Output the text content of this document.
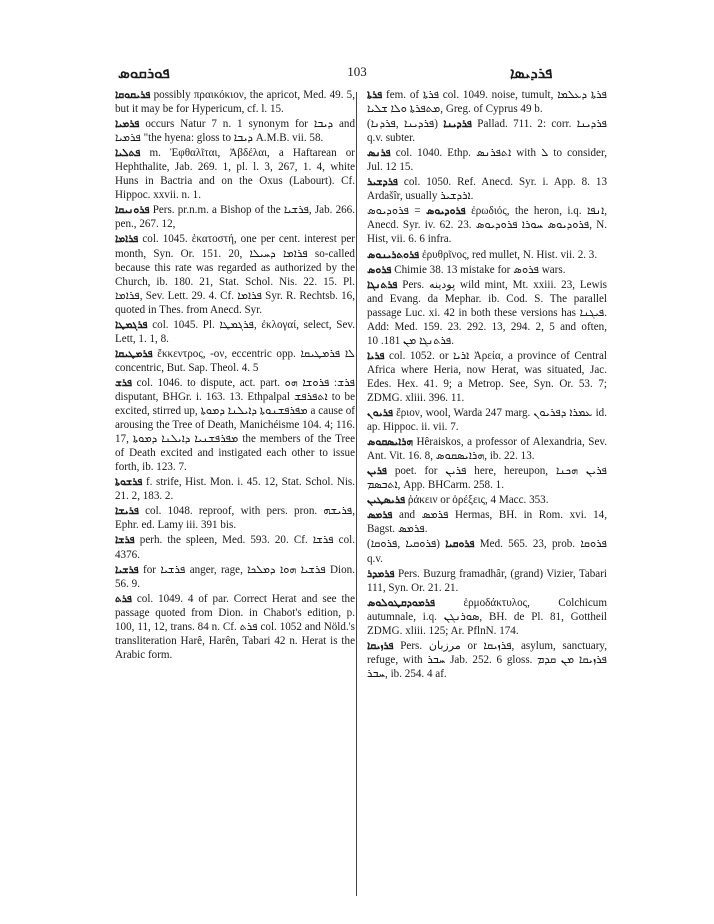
ܦܘܪܩܘܣ	103	ܦܪܕܝܣܐ

ܦܪܝܩܘܩܐ possibly πραικόκιον, the apricot, Med. 49. 5, but it may be for Hypericum, cf. l. 15.

ܦܪܡܝܐ occurs Natur 7 n. 1 synonym for ܕܝܒܐ and ܦܪܡܝܐ "the hyena: gloss to ܕܝܒܐ A.M.B. vii. 58.

ܦܬܠܝܐ m. Ἐφθαλῖται, Ἀβδέλαι, a Haftarean or Hephthalite, Jab. 269. 1, pl. l. 3, 267, 1. 4, white Huns in Bactria and on the Oxus (Labourt). Cf. Hippoc. xxvii. n. 1.

ܦܪܘܢܝܩܐ Pers. pr.n.m. a Bishop of the ܦܪܫܝܐ, Jab. 266. pen., 267. 12,

ܦܪܐܡܐ col. 1045. ἑκατοστή, one per cent. interest per month, Syn. Or. 151. 20, ܦܪܐܡܐ ܕܚܝܠܐ so-called because this rate was regarded as authorized by the Church, ib. 180. 21, Stat. Schol. Nis. 22. 15. Pl. ܦܪܐܡܐ, Sev. Lett. 29. 4. Cf. ܦܪܐܡܐ Syr. R. Rechtsb. 16, quoted in Thes. from Anecd. Syr.

ܦܪܓܡܛܐ col. 1045. Pl. ܦܪܓܡܛܐ, ἐκλογαί, select, Sev. Lett, 1. 1, 8.

ܦܪܡܛܝܩܐ ἔκκεντρος, -ον, eccentric opp. ܠܐ ܦܪܡܛܝܩܐ concentric, But. Sap. Theol. 4. 5

ܦܪܫ col. 1046. to dispute, act. part. ܦܪܫ: ܦܪܘܫܐ ܗܘ disputant, BHGr. i. 163. 13. Ethpalpal ܐܬܦܪܦܫ to be excited, stirred up, ܡܦܪܦܫܢܘܬܐ ܕܐܝܠܢܐ ܕܡܘܬܐ a cause of arousing the Tree of Death, Manichéisme 104. 4; 116. 17, ܡܦܪܦܫܢܝܐ ܕܐܝܠܢܐ ܕܡܘܬܐ the members of the Tree of Death excited and instigated each other to issue forth, ib. 123. 7.

ܦܪܫܘܬܐ f. strife, Hist. Mon. i. 45. 12, Stat. Schol. Nis. 21. 2, 183. 2.

ܦܪܝܫܐ col. 1048. reproof, with pers. pron. ܦܪܝܫܗ, Ephr. ed. Lamy iii. 391 bis.

ܦܪܫܐ perh. the spleen, Med. 593. 20. Cf. ܦܪܫܐ col. 4376.

ܦܪܫܝܐ for ܦܪܫܝܐ anger, rage, ܦܪܫܝܐ ܗܘܐ ܕܡܠܟܐ Dion. 56. 9.

ܦܪܬ col. 1049. 4 of par. Correct Herat and see the passage quoted from Dion. in Chabot's edition, p. 100, 11, 12, trans. 84 n. Cf. ܦܪܬ col. 1052 and Nöld.'s transliteration Harê, Harên, Tabari 42 n. Herat is the Arabic form.

ܦܪܬܐ fem. of ܦܪܬܐ col. 1049. noise, tumult, ܦܪܬܐ ܕܥܠܡܐ ܡܬܦܪܬܐ ܘܠܐ ܫܠܝܐ, Greg. of Cyprus 49 b.

ܦܪܕܝܢܐ (ܦܪܕܝܢܐ ,ܦܪܕܢܐ) Pallad. 711. 2: corr. ܦܪܕܝܢܐ q.v. subter.

ܦܪܢܣ col. 1040. Ethp. ܐܬܦܪܢܣ with ܠ to consider, Jul. 12 15.

ܦܪܕܫܝܪ col. 1050. Ref. Anecd. Syr. i. App. 8. 13 Ardašîr, usually ܐܪܕܫܝܪ.

ܦܪܘܕܝܘܣ = ܦܪܘܕܝܘܣ ἐρωδιός, the heron, i.q. ܐܢܦܐ, Anecd. Syr. iv. 62. 23. ܦܪܘܕܝܘܣ ܚܘܪܐ ܦܪܘܕܝܘܣ, N. Hist, vii. 6. 6 infra.

ܦܪܘܬܪܝܢܘܣ ἐρυθρῖνος, red mullet, N. Hist. vii. 2. 3.

ܦܪܘܣ Chimie 38. 13 mistake for ܦܪܘܣ wars.

ܦܪܬܢܓܐ Pers. پودينه wild mint, Mt. xxiii. 23, Lewis and Evang. da Mephar. ib. Cod. S. The parallel passage Luc. xi. 42 in both these versions has ܦܝܓܢܐ. Add: Med. 159. 23. 292. 13, 294. 2, 5 and often, ܦܪܬܢܓܐ ܡܢ 181. 10.

ܦܪܝܐ col. 1052. or ܐܪܝܐ Ἀρεία, a province of Central Africa where Heria, now Herat, was situated, Jac. Edes. Hex. 41. 9; a Metrop. See, Syn. Or. 53. 7; ZDMG. xliii. 396. 11.

ܦܪܝܘܢ ἔριον, wool, Warda 247 marg. ܥܡܪܐ ܕܦܪܝܘܢ id. ap. Hippoc. ii. vii. 7.

ܗܪܐܝܣܩܘܣ Hêraiskos, a professor of Alexandria, Sev. Ant. Vit. 16. 8, ܗܪܐܝܣܩܘܣ, ib. 22. 13.

ܦܪܝܢ poet. for ܦܪܝܢ here, hereupon, ܦܪܝܢ ܗܟܢܐ ܐܬܒܣܡ, App. BHCarm. 258. 1.

ܦܪܝܣܛܝܢ ῥάκειν or ὀρέξεις, 4 Macc. 353.

ܦܪܡܣ and ܦܪܡܣ Hermas, BH. in Rom. xvi. 14, Bagst. ܦܪܡܣ.

ܦܪܘܩܝܐ (ܦܪܘܩܝܐ ,ܦܪܘܩܐ) Med. 565. 23, prob. ܦܪܘܩܐ q.v.

ܦܪܡܕܪ Pers. Buzurg framadhâr, (grand) Vizier, Tabari 111, Syn. Or. 21. 21.

ܦܪܡܘܕܩܛܘܠܘܣ	ἑρμοδάκτυλος, Colchicum autumnale, i.q. ܣܘܪܢܓܢ, BH. de Pl. 81, Gottheil ZDMG. xliii. 125; Ar. PflnN. 174.

ܦܪܙܝܩܐ Pers. مرزبان or ܦܪܙܝܩܐ, asylum, sanctuary, refuge, with ܚܒܪ Jab. 252. 6 gloss. ܦܪܙܝܩܐ ܡܢ ܩܕܡ ܚܒܪ, ib. 254. 4 af.
